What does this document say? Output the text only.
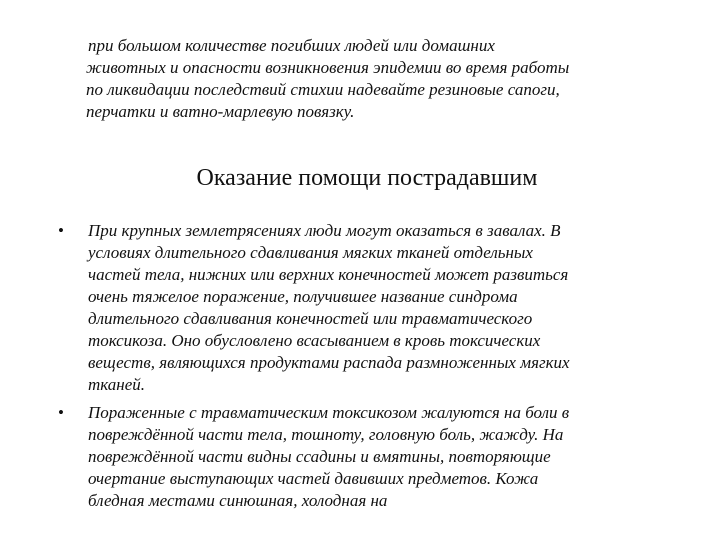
при большом количестве погибших людей или домашних
животных и опасности возникновения эпидемии во время работы
по ликвидации последствий стихии надевайте резиновые сапоги,
перчатки и ватно-марлевую повязку.

Оказание помощи пострадавшим
• При крупных землетрясениях люди могут оказаться в завалах. В
условиях длительного сдавливания мягких тканей отдельных
частей тела, нижних или верхних конечностей может развиться
очень тяжелое поражение, получившее название синдрома
длительного сдавливания конечностей или травматического
токсикоза. Оно обусловлено всасыванием в кровь токсических
веществ, являющихся продуктами распада размноженных мягких
тканей.

• Пораженные с травматическим токсикозом жалуются на боли в
повреждённой части тела, тошноту, головную боль, жажду. На
повреждённой части видны ссадины и вмятины, повторяющие
очертание выступающих частей давивших предметов. Кожа
бледная местами синюшная, холодная на
